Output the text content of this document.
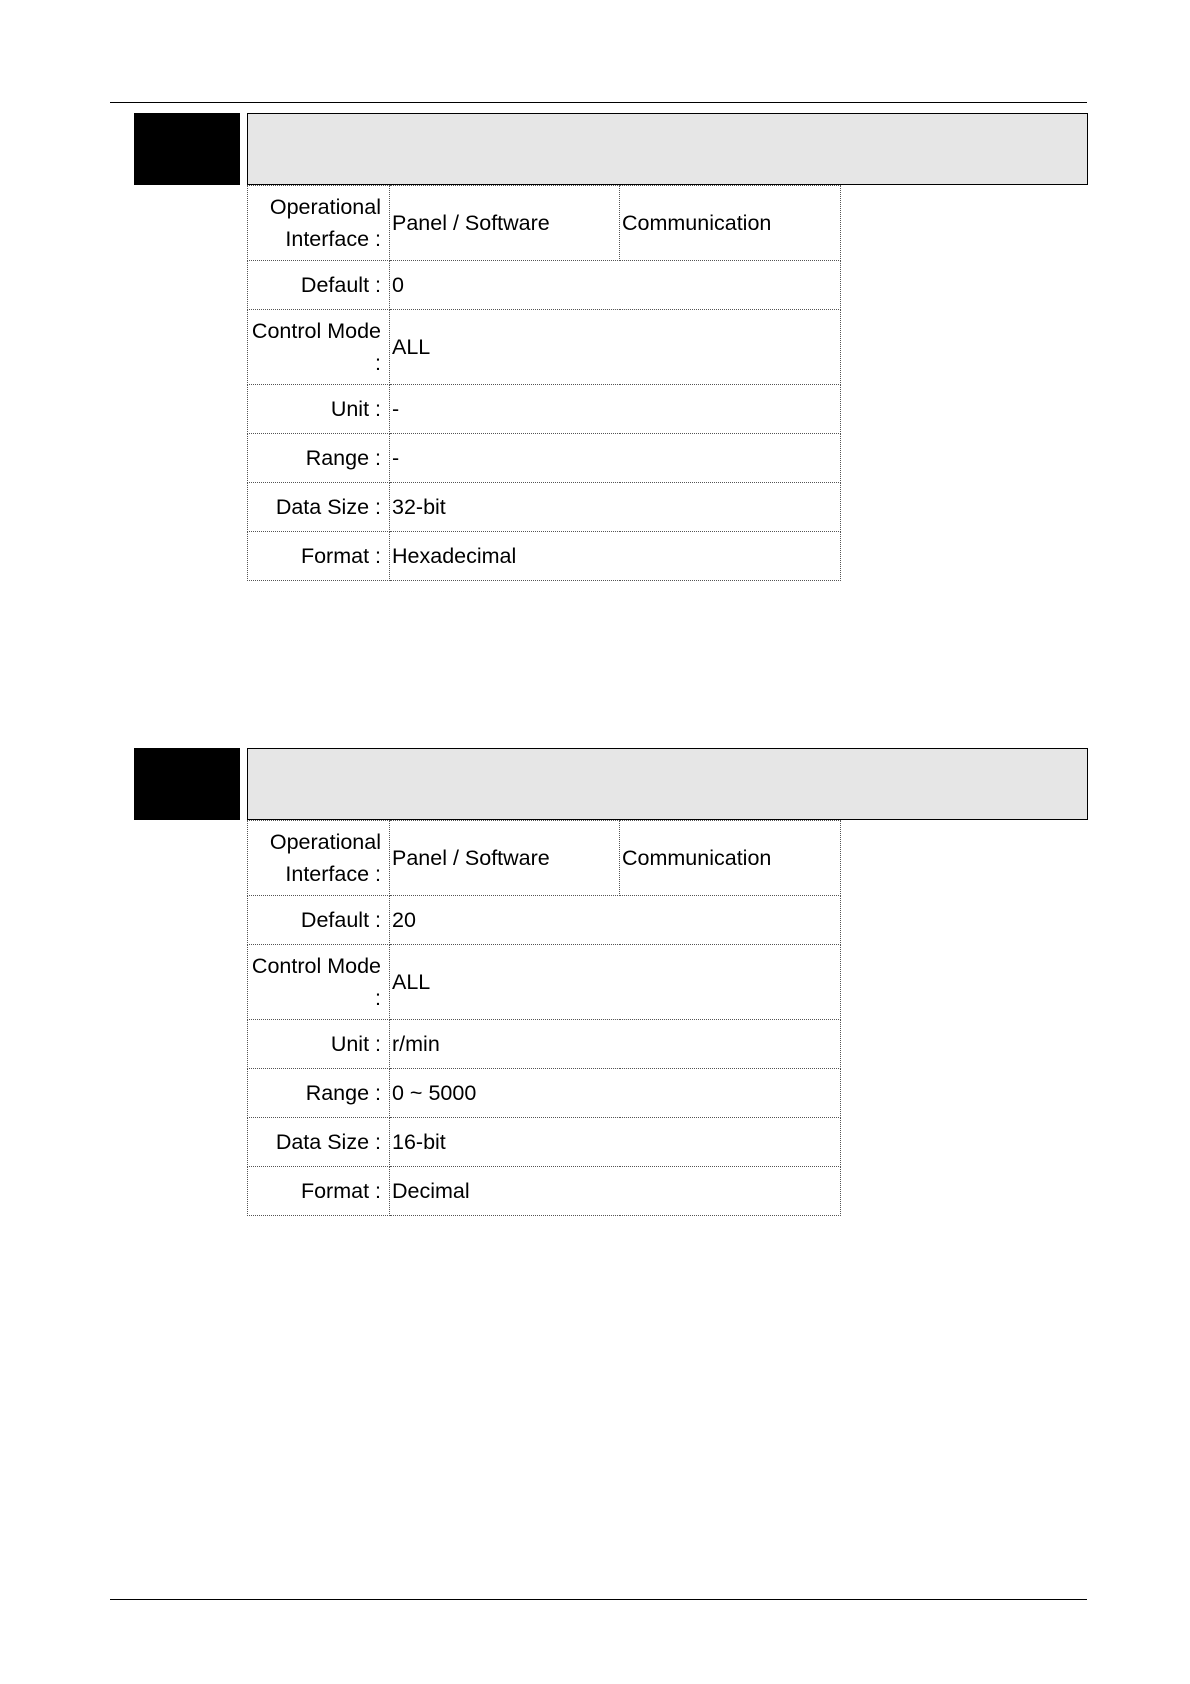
Operational Interface :	Panel / Software	Communication
Default :	0	
Control Mode :	ALL	
Unit :	-	
Range :	-	
Data Size :	32-bit	
Format :	Hexadecimal	
Operational Interface :	Panel / Software	Communication
Default :	20	
Control Mode :	ALL	
Unit :	r/min	
Range :	0 ~ 5000	
Data Size :	16-bit	
Format :	Decimal	
